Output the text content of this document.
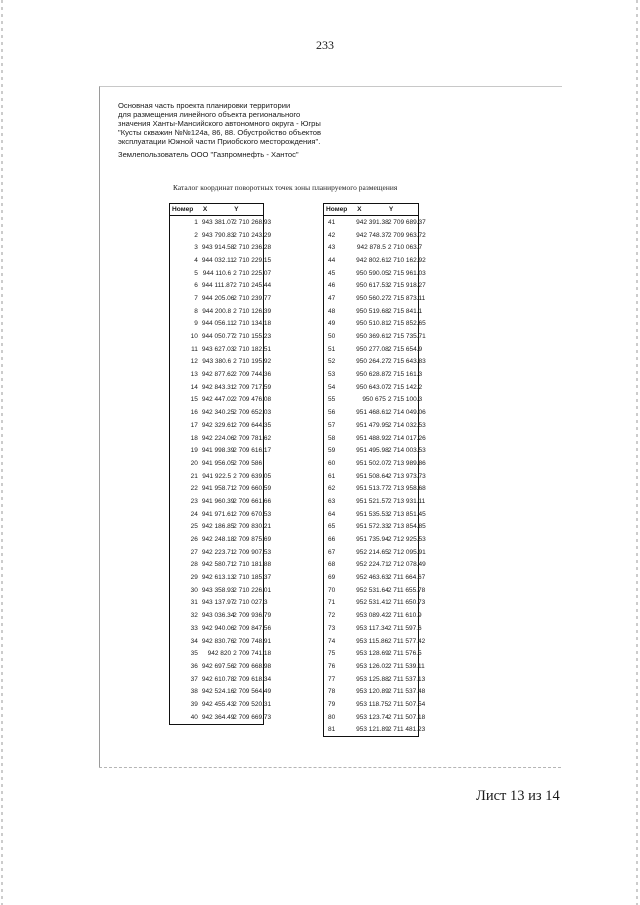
233
Основная часть проекта планировки территории
для размещения линейного объекта регионального
значения Ханты-Мансийского автономного округа - Югры
"Кусты скважин №№124а, 86, 88. Обустройство объектов
эксплуатации Южной части Приобского месторождения".
Землепользователь ООО "Газпромнефть - Хантос"
Каталог координат поворотных точек зоны планируемого размещения
Номер	X	Y
1	943 381.07	2 710 268.93
2	943 790.83	2 710 243.29
3	943 914.58	2 710 236.28
4	944 032.11	2 710 229.15
5	944 110.6	2 710 225.07
6	944 111.87	2 710 245.44
7	944 205.06	2 710 239.77
8	944 200.8	2 710 126.39
9	944 056.11	2 710 134.18
10	944 050.77	2 710 155.23
11	943 627.03	2 710 182.51
12	943 380.6	2 710 195.92
13	942 877.62	2 709 744.36
14	942 843.31	2 709 717.59
15	942 447.02	2 709 476.08
16	942 340.25	2 709 652.03
17	942 329.61	2 709 644.35
18	942 224.06	2 709 781.62
19	941 998.39	2 709 616.17
20	941 956.05	2 709 586
21	941 922.5	2 709 639.05
22	941 958.71	2 709 660.59
23	941 960.39	2 709 661.66
24	941 971.61	2 709 670.53
25	942 186.85	2 709 830.21
26	942 248.18	2 709 875.69
27	942 223.71	2 709 907.53
28	942 580.71	2 710 181.88
29	942 613.13	2 710 185.37
30	943 358.93	2 710 226.01
31	943 137.97	2 710 027.3
32	943 036.34	2 709 936.79
33	942 940.06	2 709 847.56
34	942 830.76	2 709 748.91
35	942 820	2 709 741.18
36	942 697.56	2 709 668.98
37	942 610.78	2 709 618.34
38	942 524.16	2 709 564.49
39	942 455.43	2 709 520.31
40	942 364.49	2 709 669.73
Номер	X	Y
41	942 391.38	2 709 689.37
42	942 748.37	2 709 963.72
43	942 878.5	2 710 063.7
44	942 802.61	2 710 162.92
45	950 590.05	2 715 961.03
46	950 617.53	2 715 918.27
47	950 560.27	2 715 873.11
48	950 519.68	2 715 841.1
49	950 510.81	2 715 852.65
50	950 369.61	2 715 735.71
51	950 277.08	2 715 654.9
52	950 264.27	2 715 643.83
53	950 628.87	2 715 161.3
54	950 643.07	2 715 142.2
55	950 675	2 715 100.3
56	951 468.61	2 714 049.06
57	951 479.95	2 714 032.53
58	951 488.92	2 714 017.26
59	951 495.98	2 714 003.53
60	951 502.07	2 713 989.86
61	951 508.64	2 713 973.73
62	951 513.77	2 713 958.68
63	951 521.57	2 713 931.11
64	951 535.53	2 713 851.45
65	951 572.33	2 713 854.85
66	951 735.94	2 712 925.53
67	952 214.65	2 712 095.91
68	952 224.71	2 712 078.49
69	952 463.63	2 711 664.67
70	952 531.64	2 711 655.78
71	952 531.41	2 711 650.73
72	953 089.42	2 711 610.9
73	953 117.34	2 711 597.6
74	953 115.86	2 711 577.42
75	953 128.69	2 711 576.5
76	953 126.02	2 711 539.11
77	953 125.88	2 711 537.13
78	953 120.89	2 711 537.48
79	953 118.75	2 711 507.54
80	953 123.74	2 711 507.18
81	953 121.89	2 711 481.23
Лист 13 из 14
